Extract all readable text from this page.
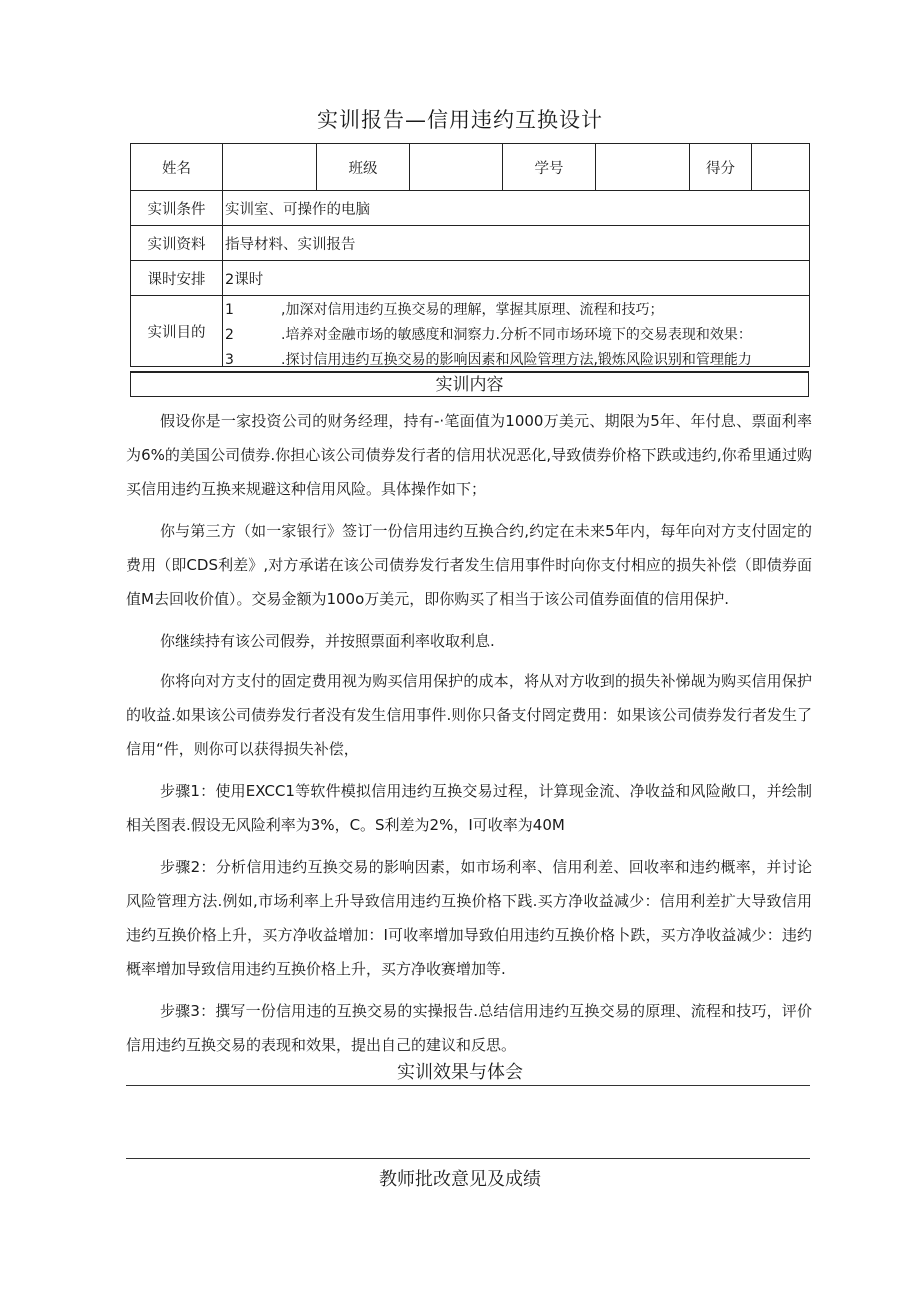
实训报告—信用违约互换设计
姓名		班级		学号		得分	
实训条件	实训室、可操作的电脑						
实训资料	指导材料、实训报告						
课时安排	2课时						
实训目的	1 ,加深对信用违约互换交易的理解，掌握其原理、流程和技巧；
2 .培养对金融市场的敏感度和洞察力.分析不同市场环境下的交易表现和效果：
3 .探讨信用违约互换交易的影响因素和风险管理方法,锻炼风险识别和管理能力						
实训内容

假设你是一家投资公司的财务经理，持有-·笔面值为1000万美元、期限为5年、年付息、票面利率为6%的美国公司债券.你担心该公司债券发行者的信用状况恶化,导致债券价格下跌或违约,你希里通过购买信用违约互换来规避这种信用风险。具体操作如下；

你与第三方（如一家银行》签订一份信用违约互换合约,约定在未来5年内，每年向对方支付固定的费用（即CDS利差》,对方承诺在该公司债券发行者发生信用事件时向你支付相应的损失补偿（即债券面值M去回收价值）。交易金额为100o万美元，即你购买了相当于该公司值券面值的信用保护.

你继续持有该公司假券，并按照票面利率收取利息.

你将向对方支付的固定费用视为购买信用保护的成本，将从对方收到的损失补悌觇为购买信用保护的收益.如果该公司债券发行者没有发生信用事件.则你只备支付罔定费用：如果该公司债券发行者发生了信用“件，则你可以获得损失补偿，

步骤1：使用EXCC1等软件模拟信用违约互换交易过程，计算现金流、净收益和风险敞口，并绘制相关图表.假设无风险利率为3%，C。S利差为2%，I可收率为40M

步骤2：分析信用违约互换交易的影响因素，如市场利率、信用利差、回收率和违约概率，并讨论风险管理方法.例如,市场利率上升导致信用违约互换价格下践.买方净收益减少：信用利差扩大导致信用违约互换价格上升，买方净收益增加：I可收率增加导致伯用违约互换价格卜跌，买方净收益减少：违约概率增加导致信用违约互换价格上升，买方净收赛增加等.

步骤3：撰写一份信用违的互换交易的实操报告.总结信用违约互换交易的原理、流程和技巧，评价信用违约互换交易的表现和效果，提出自己的建议和反思。

实训效果与体会
教师批改意见及成绩
